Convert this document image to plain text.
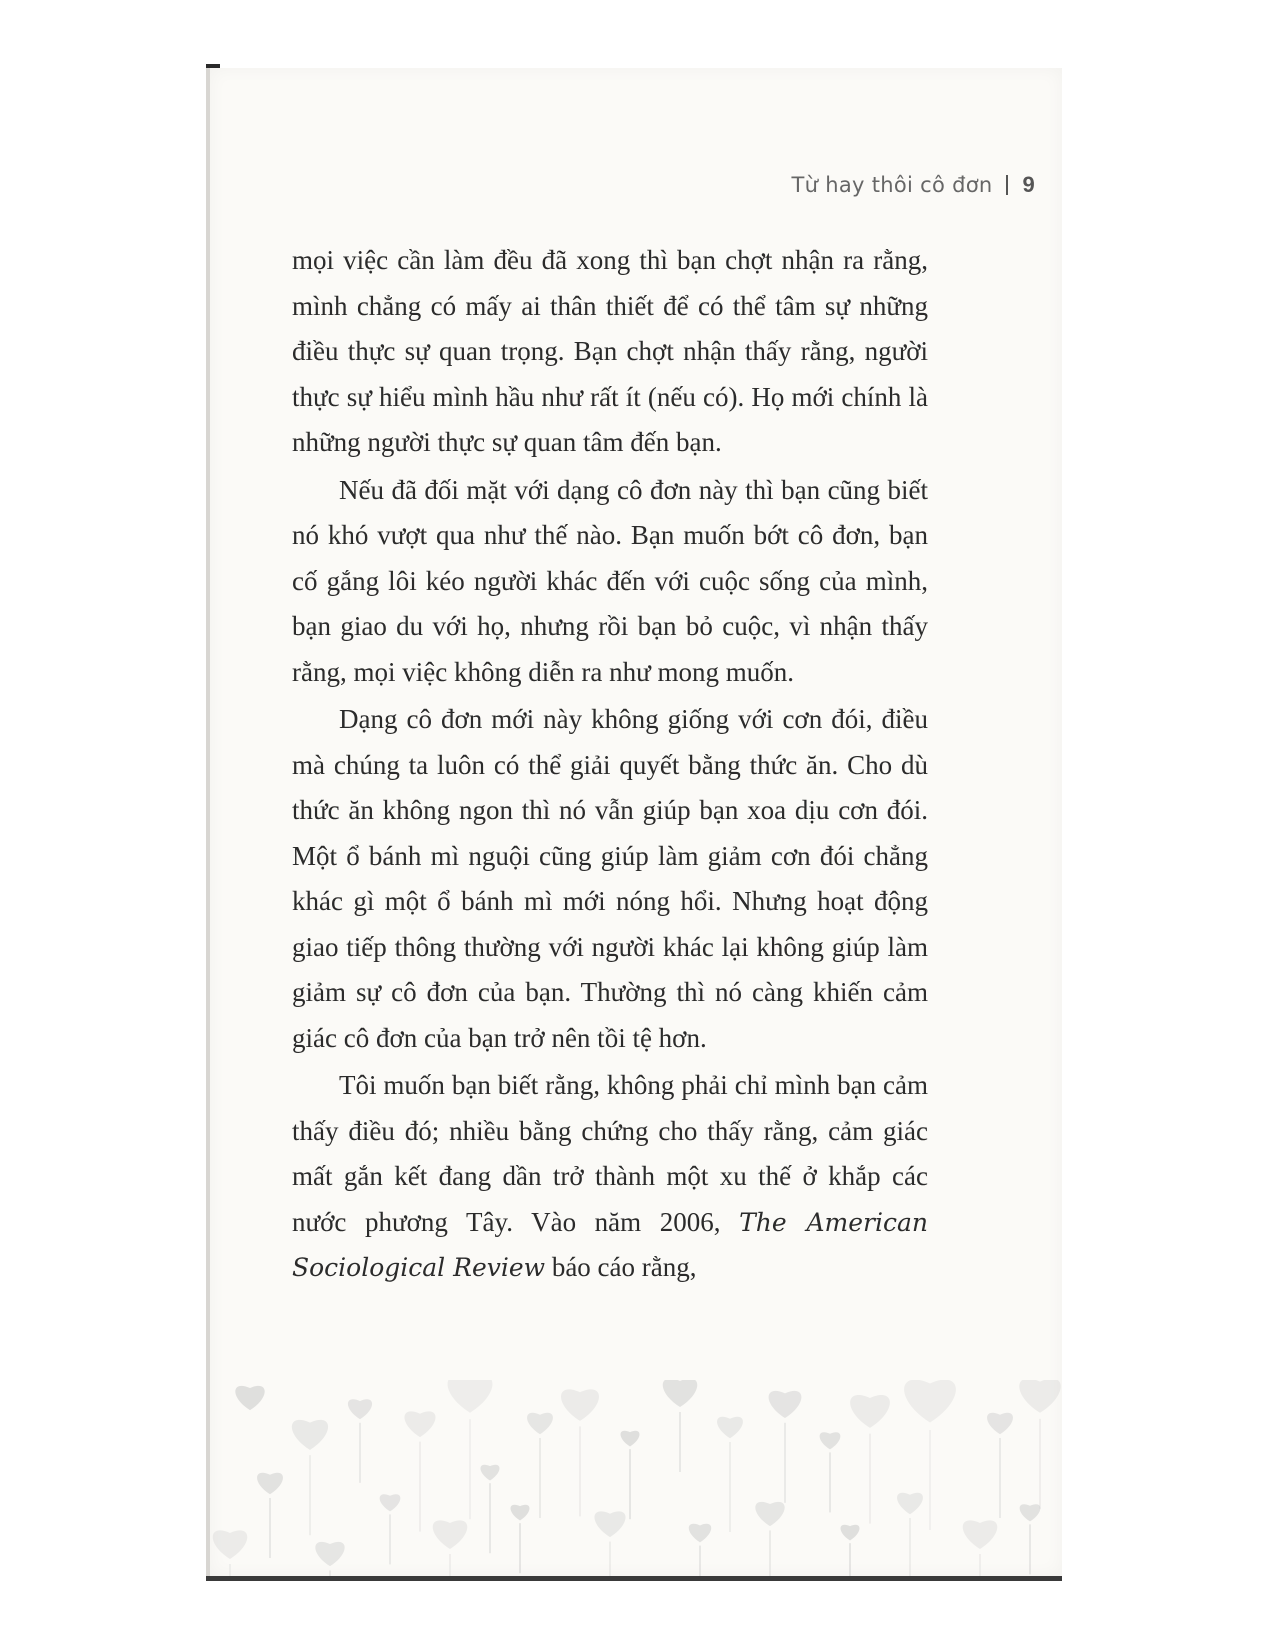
Từ hay thôi cô đơn 9

mọi việc cần làm đều đã xong thì bạn chợt nhận ra rằng, mình chẳng có mấy ai thân thiết để có thể tâm sự những điều thực sự quan trọng. Bạn chợt nhận thấy rằng, người thực sự hiểu mình hầu như rất ít (nếu có). Họ mới chính là những người thực sự quan tâm đến bạn.

Nếu đã đối mặt với dạng cô đơn này thì bạn cũng biết nó khó vượt qua như thế nào. Bạn muốn bớt cô đơn, bạn cố gắng lôi kéo người khác đến với cuộc sống của mình, bạn giao du với họ, nhưng rồi bạn bỏ cuộc, vì nhận thấy rằng, mọi việc không diễn ra như mong muốn.

Dạng cô đơn mới này không giống với cơn đói, điều mà chúng ta luôn có thể giải quyết bằng thức ăn. Cho dù thức ăn không ngon thì nó vẫn giúp bạn xoa dịu cơn đói. Một ổ bánh mì nguội cũng giúp làm giảm cơn đói chẳng khác gì một ổ bánh mì mới nóng hổi. Nhưng hoạt động giao tiếp thông thường với người khác lại không giúp làm giảm sự cô đơn của bạn. Thường thì nó càng khiến cảm giác cô đơn của bạn trở nên tồi tệ hơn.

Tôi muốn bạn biết rằng, không phải chỉ mình bạn cảm thấy điều đó; nhiều bằng chứng cho thấy rằng, cảm giác mất gắn kết đang dần trở thành một xu thế ở khắp các nước phương Tây. Vào năm 2006, The American Sociological Review báo cáo rằng,
